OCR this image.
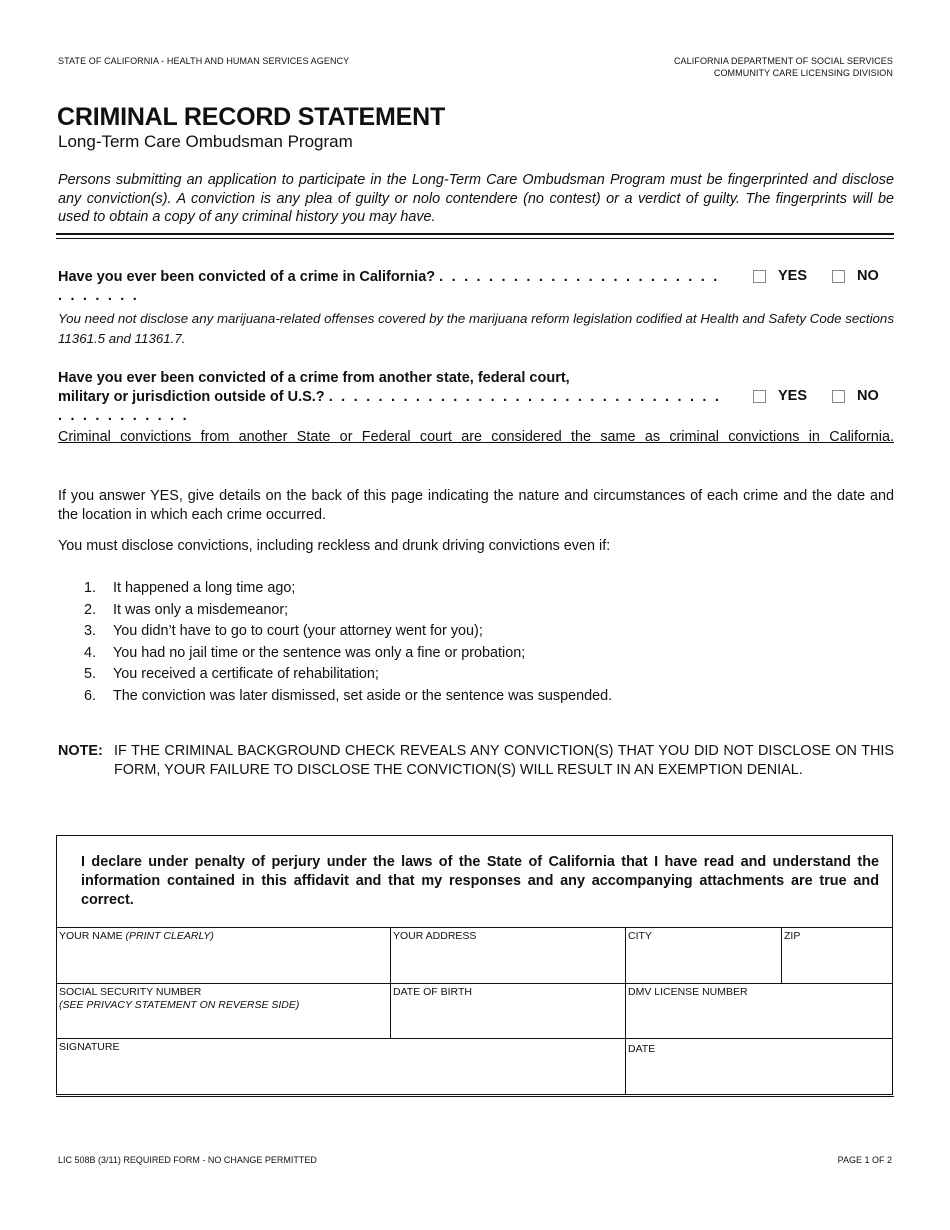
STATE OF CALIFORNIA - HEALTH AND HUMAN SERVICES AGENCY	CALIFORNIA DEPARTMENT OF SOCIAL SERVICES
COMMUNITY CARE LICENSING DIVISION
CRIMINAL RECORD STATEMENT
Long-Term Care Ombudsman Program
Persons submitting an application to participate in the Long-Term Care Ombudsman Program must be fingerprinted and disclose any conviction(s). A conviction is any plea of guilty or nolo contendere (no contest) or a verdict of guilty. The fingerprints will be used to obtain a copy of any criminal history you may have.
Have you ever been convicted of a crime in California? . . . . . . . . . . . . . . . . . . . . . . . . . . . . . .
YES	NO
You need not disclose any marijuana-related offenses covered by the marijuana reform legislation codified at Health and Safety Code sections 11361.5 and 11361.7.
Have you ever been convicted of a crime from another state, federal court,
military or jurisdiction outside of U.S.? . . . . . . . . . . . . . . . . . . . . . . . . . . . . . . . . . . . . . . . . . . .
YES	NO
Criminal convictions from another State or Federal court are considered the same as criminal convictions in California.
If you answer YES, give details on the back of this page indicating the nature and circumstances of each crime and the date and the location in which each crime occurred.
You must disclose convictions, including reckless and drunk driving convictions even if:
1.	It happened a long time ago;
2.	It was only a misdemeanor;
3.	You didn’t have to go to court (your attorney went for you);
4.	You had no jail time or the sentence was only a fine or probation;
5.	You received a certificate of rehabilitation;
6.	The conviction was later dismissed, set aside or the sentence was suspended.
NOTE: IF THE CRIMINAL BACKGROUND CHECK REVEALS ANY CONVICTION(S) THAT YOU DID NOT DISCLOSE ON THIS FORM, YOUR FAILURE TO DISCLOSE THE CONVICTION(S) WILL RESULT IN AN EXEMPTION DENIAL.
I declare under penalty of perjury under the laws of the State of California that I have read and understand the information contained in this affidavit and that my responses and any accompanying attachments are true and correct.
YOUR NAME (PRINT CLEARLY)	YOUR ADDRESS	CITY	ZIP
SOCIAL SECURITY NUMBER
(SEE PRIVACY STATEMENT ON REVERSE SIDE)
DATE OF BIRTH	DMV LICENSE NUMBER
SIGNATURE	DATE
LIC 508B (3/11) REQUIRED FORM - NO CHANGE PERMITTED	PAGE 1 OF 2
